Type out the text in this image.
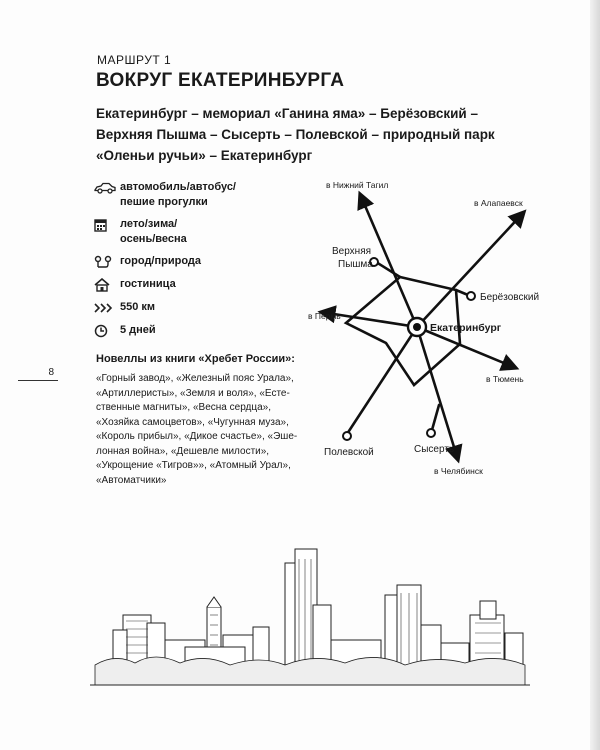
МАРШРУТ 1
ВОКРУГ ЕКАТЕРИНБУРГА
Екатеринбург – мемориал «Ганина яма» – Берёзовский –
Верхняя Пышма – Сысерть – Полевской – природный парк
«Оленьи ручьи» – Екатеринбург
автомобиль/автобус/
пешие прогулки
лето/зима/
осень/весна
город/природа
гостиница
550 км
5 дней
8
Новеллы из книги «Хребет России»:
«Горный завод», «Железный пояс Урала»,
«Артиллеристы», «Земля и воля», «Есте-
ственные магниты», «Весна сердца»,
«Хозяйка самоцветов», «Чугунная муза»,
«Король прибыл», «Дикое счастье», «Эше-
лонная война», «Дешевле милости»,
«Укрощение «Тигров»», «Атомный Урал»,
«Автоматчики»
Екатеринбург
Верхняя
Пышма
Берёзовский
Полевской	Сысерть
в Нижний Тагил
в Алапаевск
в Пермь
в Тюмень
в Челябинск
